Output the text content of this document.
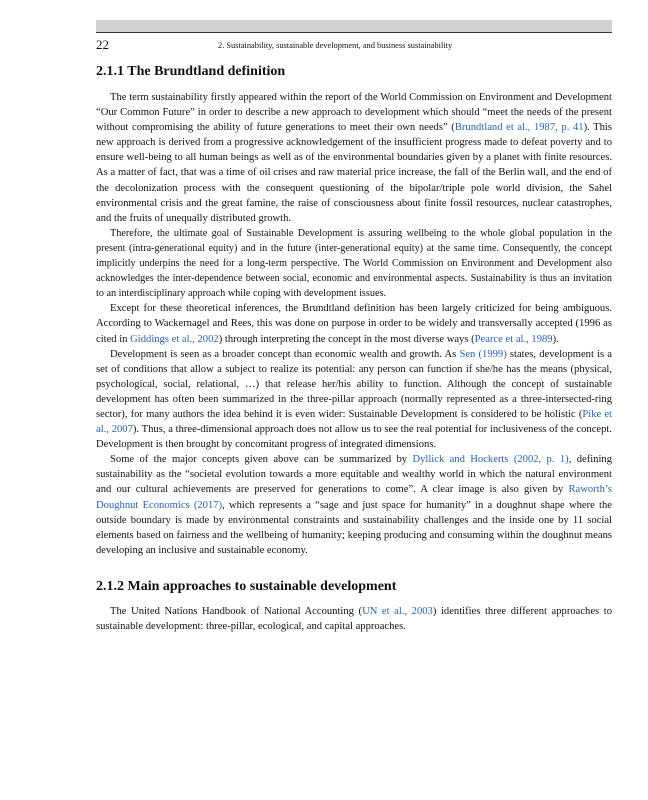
22	2. Sustainability, sustainable development, and business sustainability
2.1.1 The Brundtland definition

The term sustainability firstly appeared within the report of the World Commission on Environment and Development “Our Common Future” in order to describe a new approach to development which should “meet the needs of the present without compromising the ability of future generations to meet their own needs” (Brundtland et al., 1987, p. 41). This new approach is derived from a progressive acknowledgement of the insufficient progress made to defeat poverty and to ensure well-being to all human beings as well as of the environmental boundaries given by a planet with finite resources. As a matter of fact, that was a time of oil crises and raw material price increase, the fall of the Berlin wall, and the end of the decolonization process with the consequent questioning of the bipolar/triple pole world division, the Sahel environmental crisis and the great famine, the raise of consciousness about finite fossil resources, nuclear catastrophes, and the fruits of unequally distributed growth.

Therefore, the ultimate goal of Sustainable Development is assuring wellbeing to the whole global population in the present (intra-generational equity) and in the future (inter-generational equity) at the same time. Consequently, the concept implicitly underpins the need for a long-term perspective. The World Commission on Environment and Development also acknowledges the inter-dependence between social, economic and environmental aspects. Sustainability is thus an invitation to an interdisciplinary approach while coping with development issues.

Except for these theoretical inferences, the Brundtland definition has been largely criticized for being ambiguous. According to Wackernagel and Rees, this was done on purpose in order to be widely and transversally accepted (1996 as cited in Giddings et al., 2002) through interpreting the concept in the most diverse ways (Pearce et al., 1989).

Development is seen as a broader concept than economic wealth and growth. As Sen (1999) states, development is a set of conditions that allow a subject to realize its potential: any person can function if she/he has the means (physical, psychological, social, relational, …) that release her/his ability to function. Although the concept of sustainable development has often been summarized in the three-pillar approach (normally represented as a three-intersected-ring sector), for many authors the idea behind it is even wider: Sustainable Development is considered to be holistic (Pike et al., 2007). Thus, a three-dimensional approach does not allow us to see the real potential for inclusiveness of the concept. Development is then brought by concomitant progress of integrated dimensions.

Some of the major concepts given above can be summarized by Dyllick and Hockerts (2002, p. 1), defining sustainability as the “societal evolution towards a more equitable and wealthy world in which the natural environment and our cultural achievements are preserved for generations to come”. A clear image is also given by Raworth’s Doughnut Economics (2017), which represents a “sage and just space for humanity” in a doughnut shape where the outside boundary is made by environmental constraints and sustainability challenges and the inside one by 11 social elements based on fairness and the wellbeing of humanity; keeping producing and consuming within the doughnut means developing an inclusive and sustainable economy.

2.1.2 Main approaches to sustainable development

The United Nations Handbook of National Accounting (UN et al., 2003) identifies three different approaches to sustainable development: three-pillar, ecological, and capital approaches.
